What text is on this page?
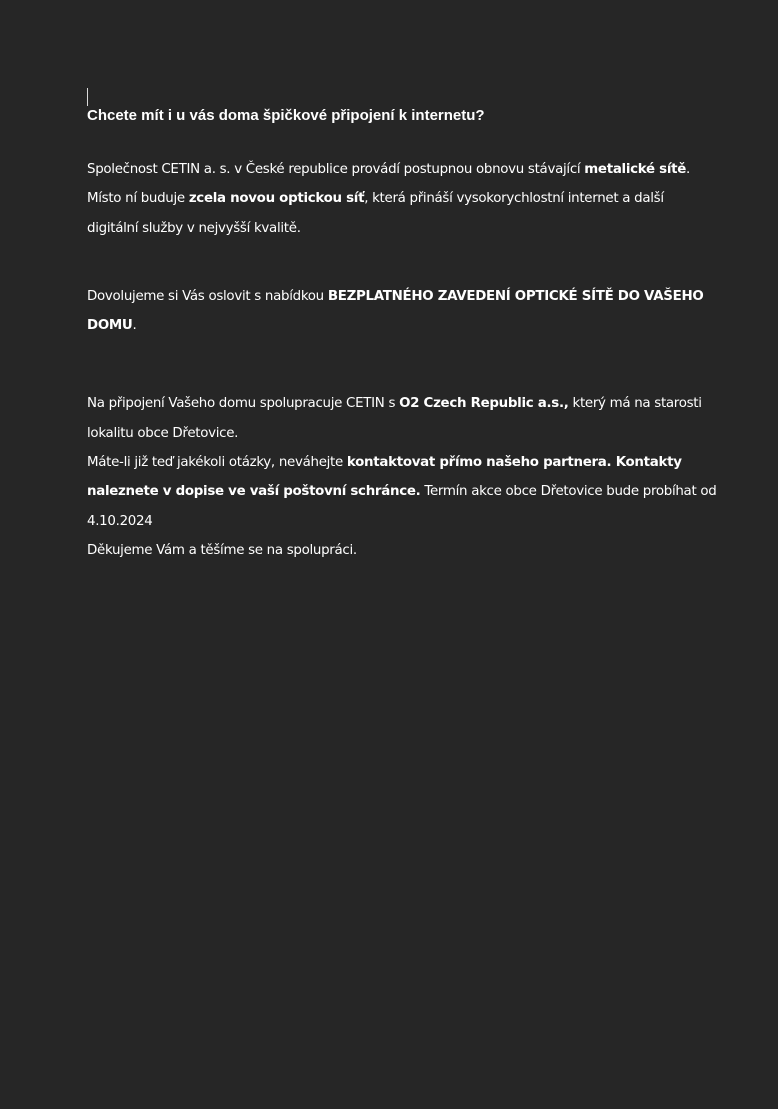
Chcete mít i u vás doma špičkové připojení k internetu?
Společnost CETIN a. s. v České republice provádí postupnou obnovu stávající metalické sítě.
Místo ní buduje zcela novou optickou síť, která přináší vysokorychlostní internet a další
digitální služby v nejvyšší kvalitě.
Dovolujeme si Vás oslovit s nabídkou BEZPLATNÉHO ZAVEDENÍ OPTICKÉ SÍTĚ DO VAŠEHO
DOMU.
Na připojení Vašeho domu spolupracuje CETIN s O2 Czech Republic a.s., který má na starosti
lokalitu obce Dřetovice.
Máte-li již teď jakékoli otázky, neváhejte kontaktovat přímo našeho partnera. Kontakty
naleznete v dopise ve vaší poštovní schránce. Termín akce obce Dřetovice bude probíhat od
4.10.2024
Děkujeme Vám a těšíme se na spolupráci.
